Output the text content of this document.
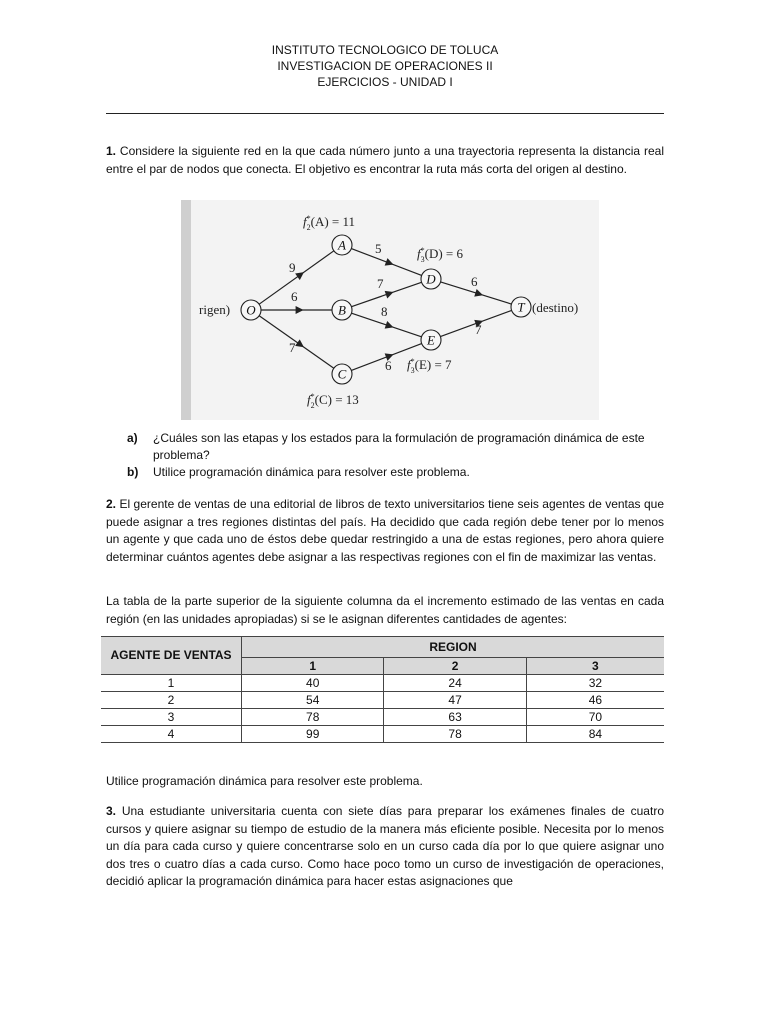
INSTITUTO TECNOLOGICO DE TOLUCA
INVESTIGACION DE OPERACIONES II
EJERCICIOS - UNIDAD I

1. Considere la siguiente red en la que cada número junto a una trayectoria representa la distancia real entre el par de nodos que conecta. El objetivo es encontrar la ruta más corta del origen al destino.

9
6
7
5
7
8
6
6
7
O
A
B
C
D
E
T
rigen)	(destino)
f* 2(A) = 11
f* 3(D) = 6
f* 3(E) = 7
f* 2(C) = 13
a) ¿Cuáles son las etapas y los estados para la formulación de programación dinámica de este problema?
b) Utilice programación dinámica para resolver este problema.

2. El gerente de ventas de una editorial de libros de texto universitarios tiene seis agentes de ventas que puede asignar a tres regiones distintas del país. Ha decidido que cada región debe tener por lo menos un agente y que cada uno de éstos debe quedar restringido a una de estas regiones, pero ahora quiere determinar cuántos agentes debe asignar a las respectivas regiones con el fin de maximizar las ventas.

La tabla de la parte superior de la siguiente columna da el incremento estimado de las ventas en cada región (en las unidades apropiadas) si se le asignan diferentes cantidades de agentes:

AGENTE DE VENTAS	REGION		
	1	2	3
1	40	24	32
2	54	47	46
3	78	63	70
4	99	78	84

Utilice programación dinámica para resolver este problema.

3. Una estudiante universitaria cuenta con siete días para preparar los exámenes finales de cuatro cursos y quiere asignar su tiempo de estudio de la manera más eficiente posible. Necesita por lo menos un día para cada curso y quiere concentrarse solo en un curso cada día por lo que quiere asignar uno dos tres o cuatro días a cada curso. Como hace poco tomo un curso de investigación de operaciones, decidió aplicar la programación dinámica para hacer estas asignaciones que
